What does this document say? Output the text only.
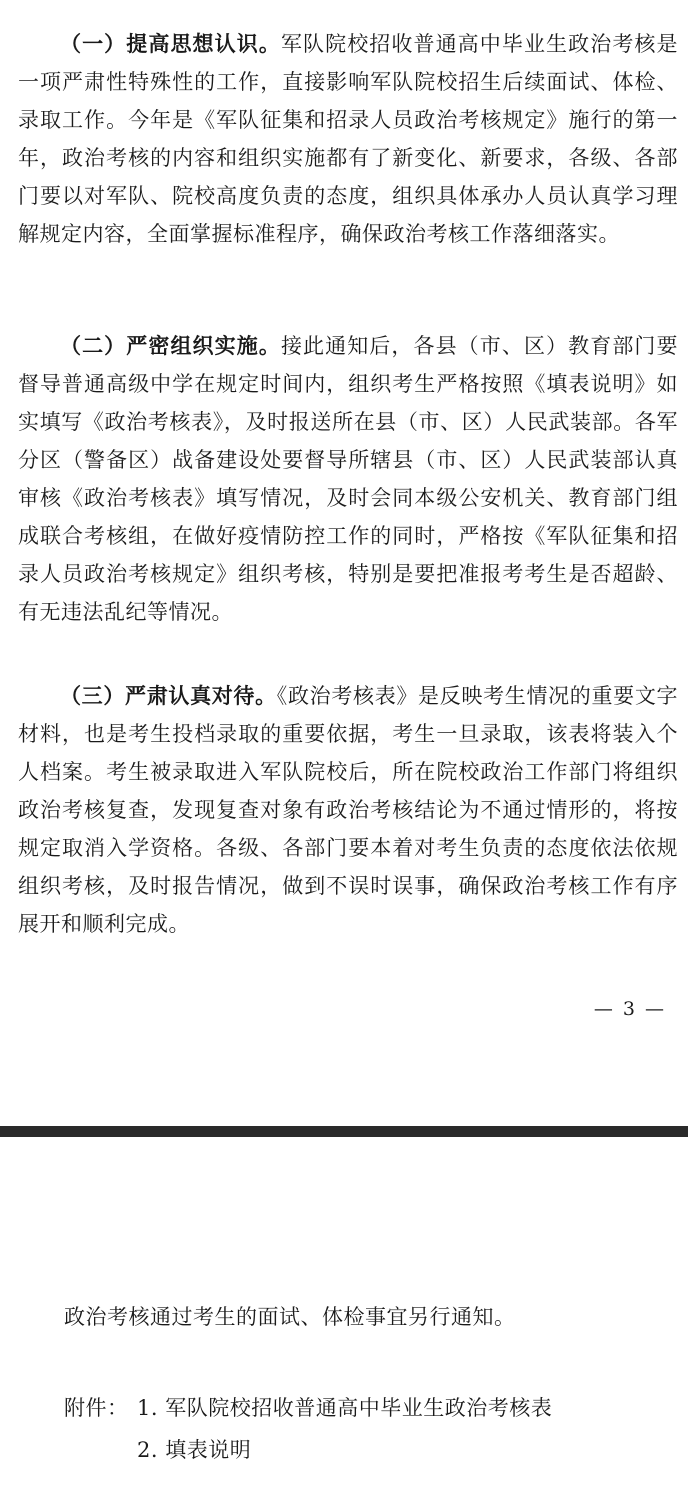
（一）提高思想认识。军队院校招收普通高中毕业生政治考核是一项严肃性特殊性的工作，直接影响军队院校招生后续面试、体检、录取工作。今年是《军队征集和招录人员政治考核规定》施行的第一年，政治考核的内容和组织实施都有了新变化、新要求，各级、各部门要以对军队、院校高度负责的态度，组织具体承办人员认真学习理解规定内容，全面掌握标准程序，确保政治考核工作落细落实。

（二）严密组织实施。接此通知后，各县（市、区）教育部门要督导普通高级中学在规定时间内，组织考生严格按照《填表说明》如实填写《政治考核表》，及时报送所在县（市、区）人民武装部。各军分区（警备区）战备建设处要督导所辖县（市、区）人民武装部认真审核《政治考核表》填写情况，及时会同本级公安机关、教育部门组成联合考核组，在做好疫情防控工作的同时，严格按《军队征集和招录人员政治考核规定》组织考核，特别是要把准报考考生是否超龄、有无违法乱纪等情况。

（三）严肃认真对待。《政治考核表》是反映考生情况的重要文字材料，也是考生投档录取的重要依据，考生一旦录取，该表将装入个人档案。考生被录取进入军队院校后，所在院校政治工作部门将组织政治考核复查，发现复查对象有政治考核结论为不通过情形的，将按规定取消入学资格。各级、各部门要本着对考生负责的态度依法依规组织考核，及时报告情况，做到不误时误事，确保政治考核工作有序展开和顺利完成。

— 3 —

政治考核通过考生的面试、体检事宜另行通知。

附件： 1. 军队院校招收普通高中毕业生政治考核表
2. 填表说明
